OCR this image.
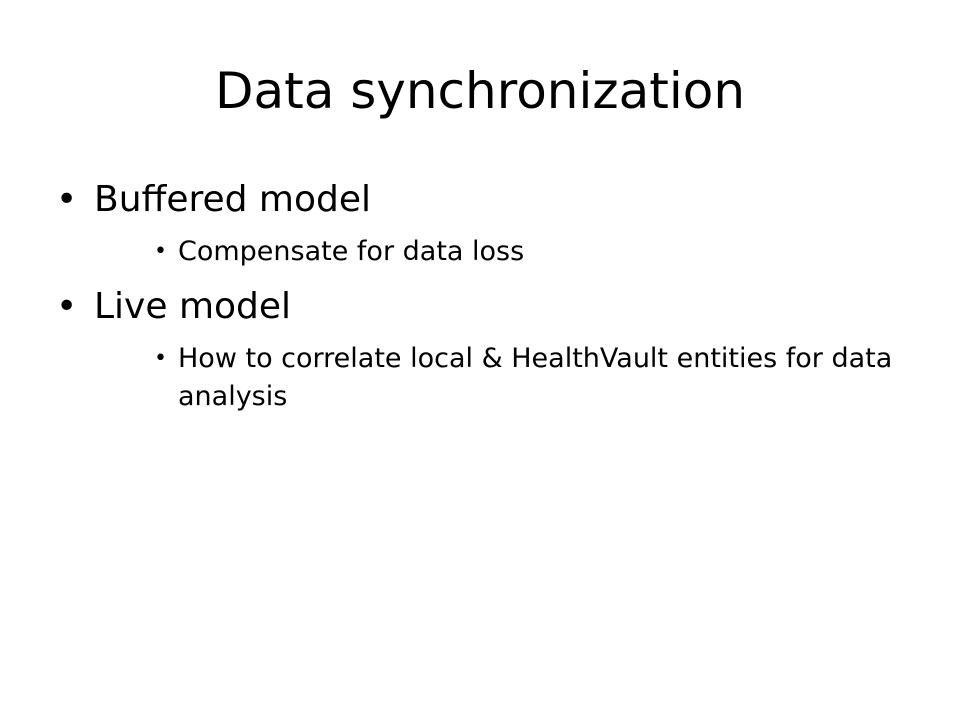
Data synchronization
• Buffered model
• Compensate for data loss
• Live model
• How to correlate local & HealthVault entities for data analysis
